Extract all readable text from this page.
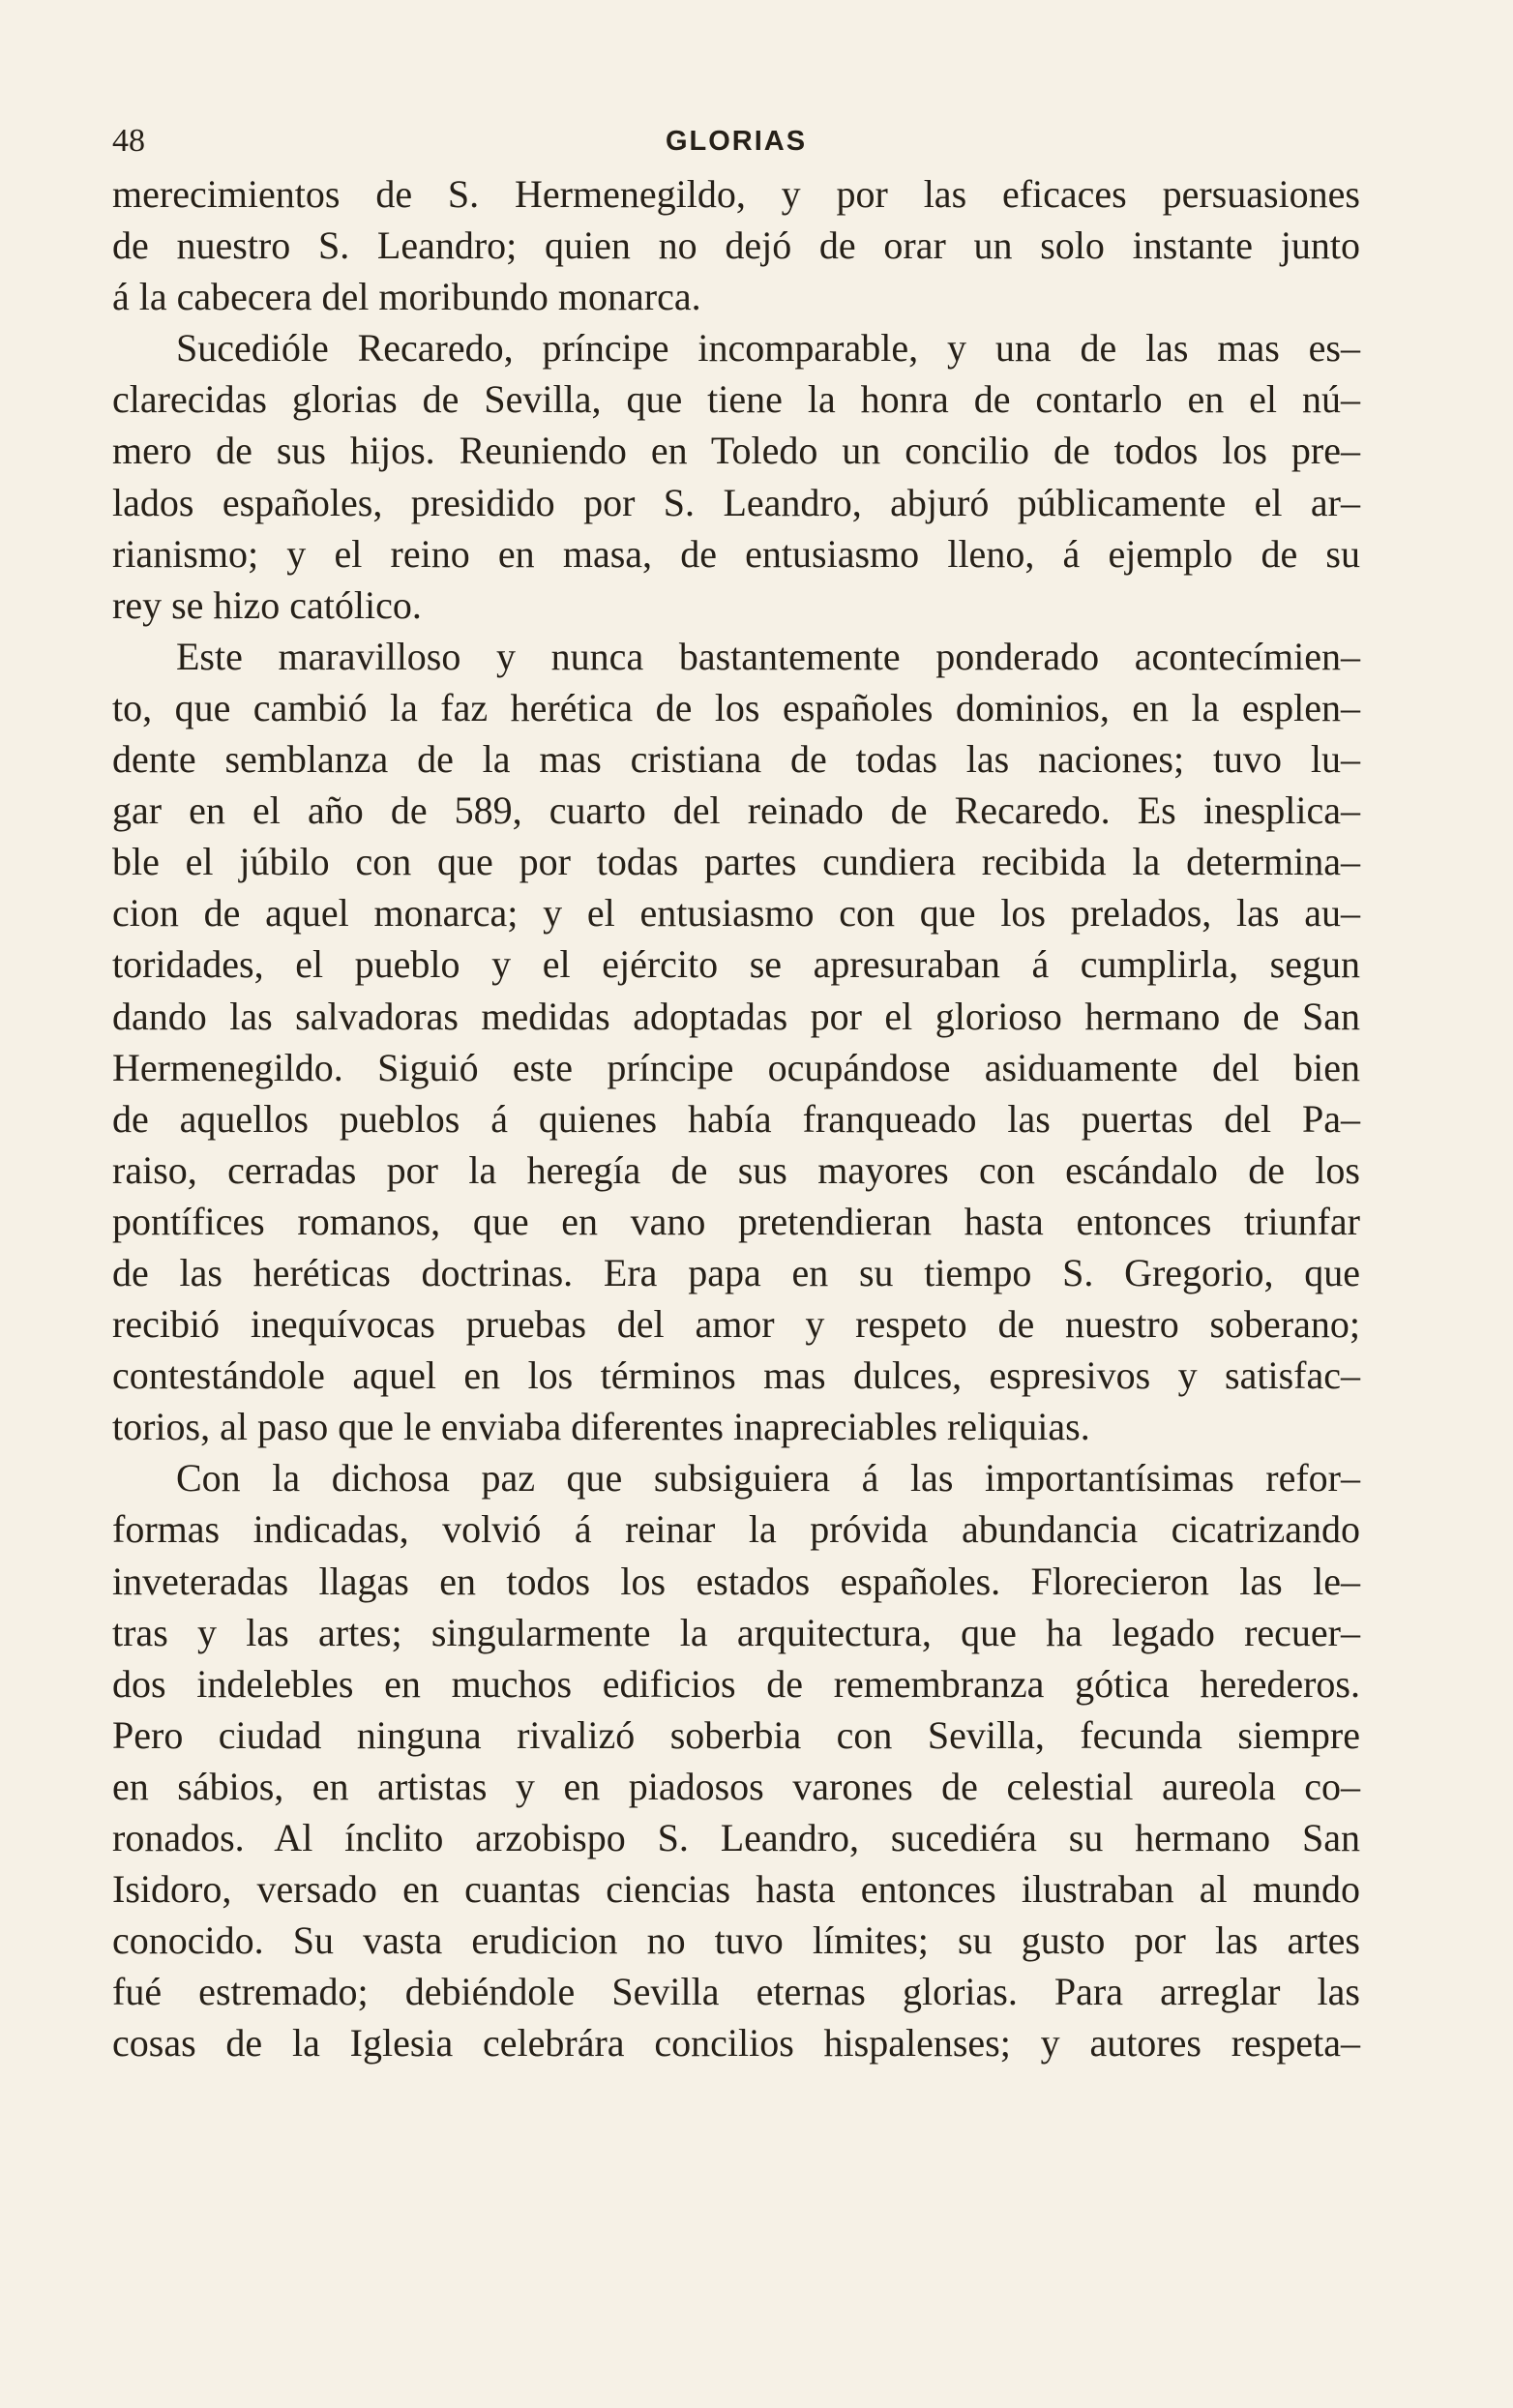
48	GLORIAS
merecimientos de S. Hermenegildo, y por las eficaces persuasiones
de nuestro S. Leandro; quien no dejó de orar un solo instante junto
á la cabecera del moribundo monarca.
Sucedióle Recaredo, príncipe incomparable, y una de las mas es–
clarecidas glorias de Sevilla, que tiene la honra de contarlo en el nú–
mero de sus hijos. Reuniendo en Toledo un concilio de todos los pre–
lados españoles, presidido por S. Leandro, abjuró públicamente el ar–
rianismo; y el reino en masa, de entusiasmo lleno, á ejemplo de su
rey se hizo católico.
Este maravilloso y nunca bastantemente ponderado acontecímien–
to, que cambió la faz herética de los españoles dominios, en la esplen–
dente semblanza de la mas cristiana de todas las naciones; tuvo lu–
gar en el año de 589, cuarto del reinado de Recaredo. Es inesplica–
ble el júbilo con que por todas partes cundiera recibida la determina–
cion de aquel monarca; y el entusiasmo con que los prelados, las au–
toridades, el pueblo y el ejército se apresuraban á cumplirla, segun
dando las salvadoras medidas adoptadas por el glorioso hermano de San
Hermenegildo. Siguió este príncipe ocupándose asiduamente del bien
de aquellos pueblos á quienes había franqueado las puertas del Pa–
raiso, cerradas por la heregía de sus mayores con escándalo de los
pontífices romanos, que en vano pretendieran hasta entonces triunfar
de las heréticas doctrinas. Era papa en su tiempo S. Gregorio, que
recibió inequívocas pruebas del amor y respeto de nuestro soberano;
contestándole aquel en los términos mas dulces, espresivos y satisfac–
torios, al paso que le enviaba diferentes inapreciables reliquias.
Con la dichosa paz que subsiguiera á las importantísimas refor–
formas indicadas, volvió á reinar la próvida abundancia cicatrizando
inveteradas llagas en todos los estados españoles. Florecieron las le–
tras y las artes; singularmente la arquitectura, que ha legado recuer–
dos indelebles en muchos edificios de remembranza gótica herederos.
Pero ciudad ninguna rivalizó soberbia con Sevilla, fecunda siempre
en sábios, en artistas y en piadosos varones de celestial aureola co–
ronados. Al ínclito arzobispo S. Leandro, sucediéra su hermano San
Isidoro, versado en cuantas ciencias hasta entonces ilustraban al mundo
conocido. Su vasta erudicion no tuvo límites; su gusto por las artes
fué estremado; debiéndole Sevilla eternas glorias. Para arreglar las
cosas de la Iglesia celebrára concilios hispalenses; y autores respeta–
